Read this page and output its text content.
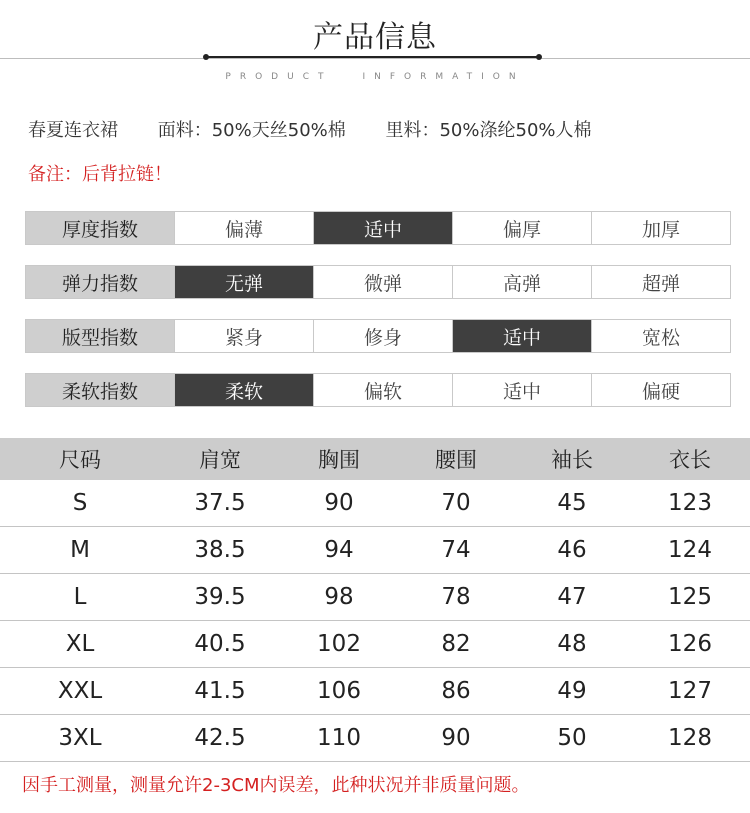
产品信息
PRODUCT	INFORMATION
春夏连衣裙 面料：50%天丝50%棉 里料：50%涤纶50%人棉
备注：后背拉链！
厚度指数	偏薄	适中	偏厚	加厚
弹力指数	无弹	微弹	高弹	超弹
版型指数	紧身	修身	适中	宽松
柔软指数	柔软	偏软	适中	偏硬
尺码	肩宽	胸围	腰围	袖长	衣长
S	37.5	90	70	45	123
M	38.5	94	74	46	124
L	39.5	98	78	47	125
XL	40.5	102	82	48	126
XXL	41.5	106	86	49	127
3XL	42.5	110	90	50	128
因手工测量，测量允许2-3CM内误差，此种状况并非质量问题。
